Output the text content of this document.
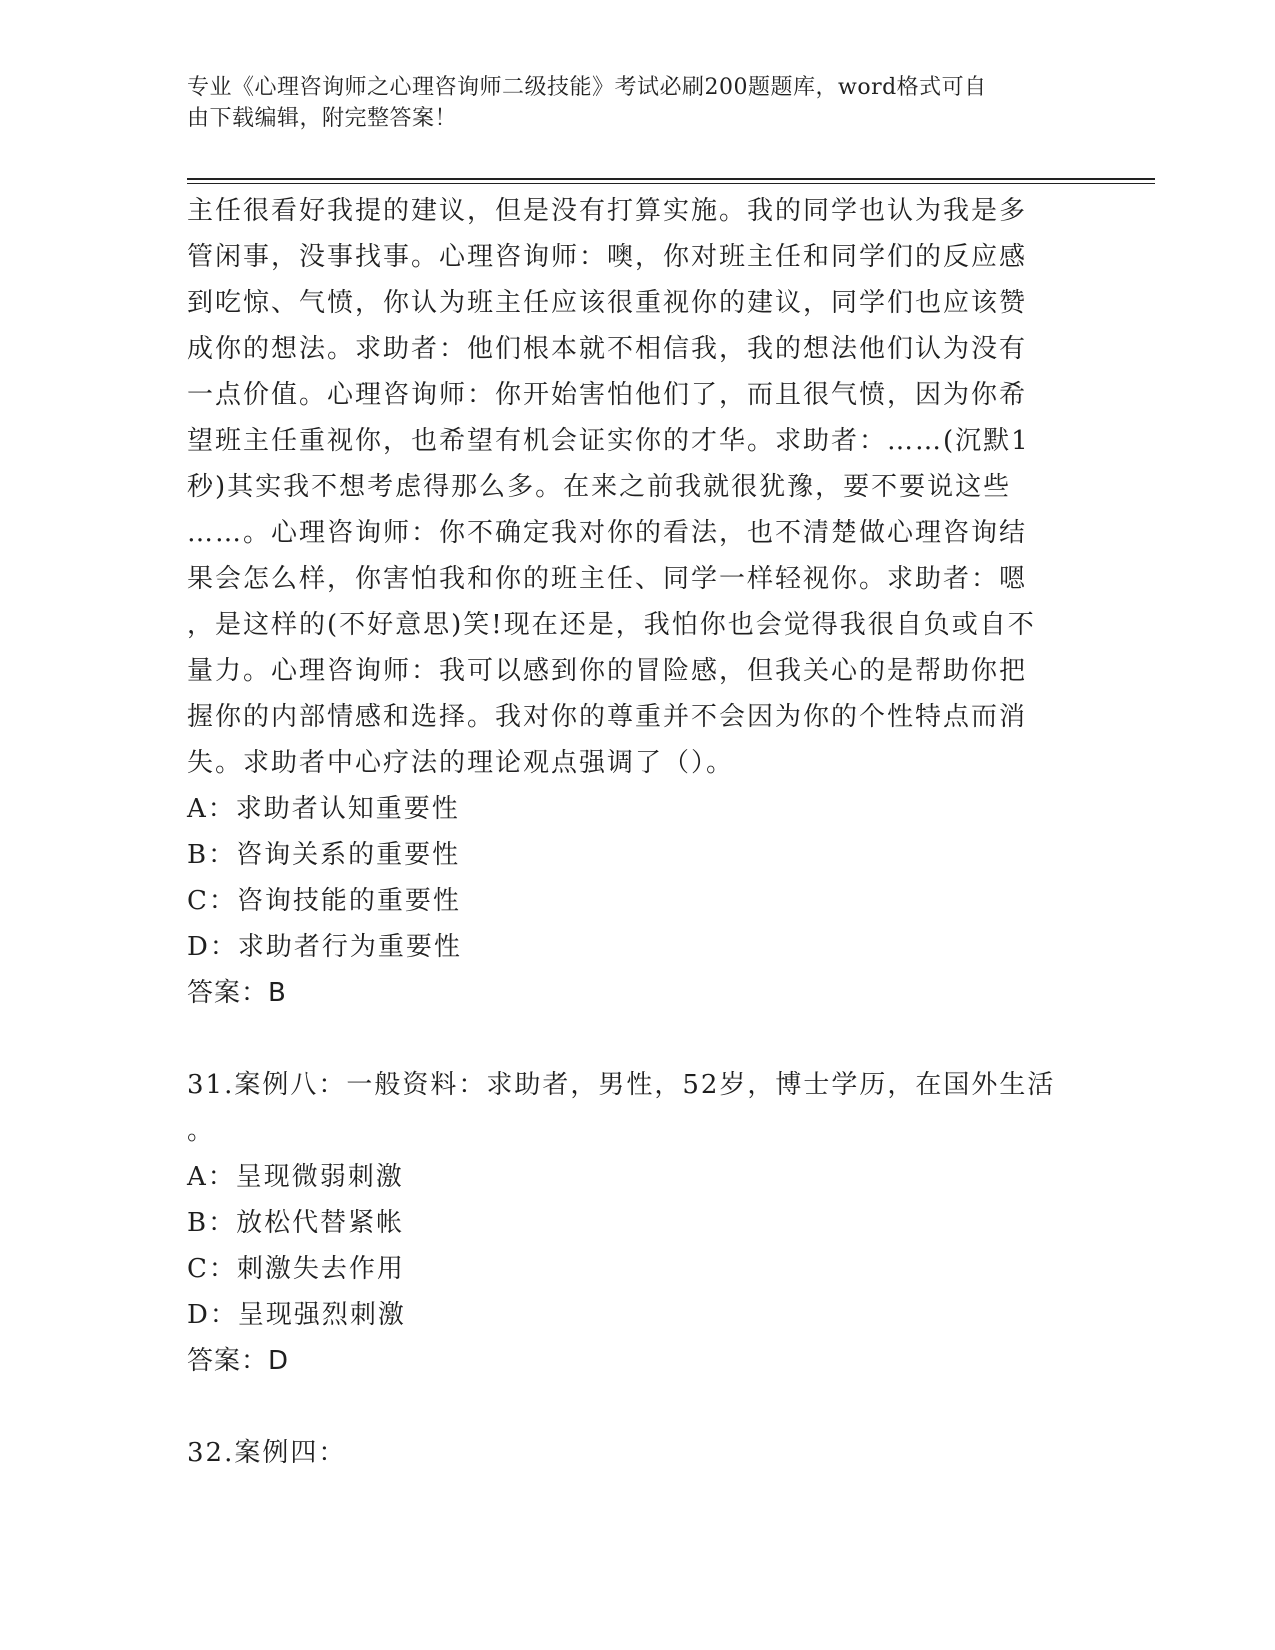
专业《心理咨询师之心理咨询师二级技能》考试必刷200题题库，word格式可自
由下载编辑，附完整答案！
主任很看好我提的建议，但是没有打算实施。我的同学也认为我是多
管闲事，没事找事。心理咨询师：噢，你对班主任和同学们的反应感
到吃惊、气愤，你认为班主任应该很重视你的建议，同学们也应该赞
成你的想法。求助者：他们根本就不相信我，我的想法他们认为没有
一点价值。心理咨询师：你开始害怕他们了，而且很气愤，因为你希
望班主任重视你，也希望有机会证实你的才华。求助者：……(沉默1
秒)其实我不想考虑得那么多。在来之前我就很犹豫，要不要说这些
……。心理咨询师：你不确定我对你的看法，也不清楚做心理咨询结
果会怎么样，你害怕我和你的班主任、同学一样轻视你。求助者：嗯
，是这样的(不好意思)笑!现在还是，我怕你也会觉得我很自负或自不
量力。心理咨询师：我可以感到你的冒险感，但我关心的是帮助你把
握你的内部情感和选择。我对你的尊重并不会因为你的个性特点而消
失。求助者中心疗法的理论观点强调了（）。
A：求助者认知重要性
B：咨询关系的重要性
C：咨询技能的重要性
D：求助者行为重要性
答案：B
31.案例八：一般资料：求助者，男性，52岁，博士学历，在国外生活
。
A：呈现微弱刺激
B：放松代替紧帐
C：刺激失去作用
D：呈现强烈刺激
答案：D
32.案例四：
